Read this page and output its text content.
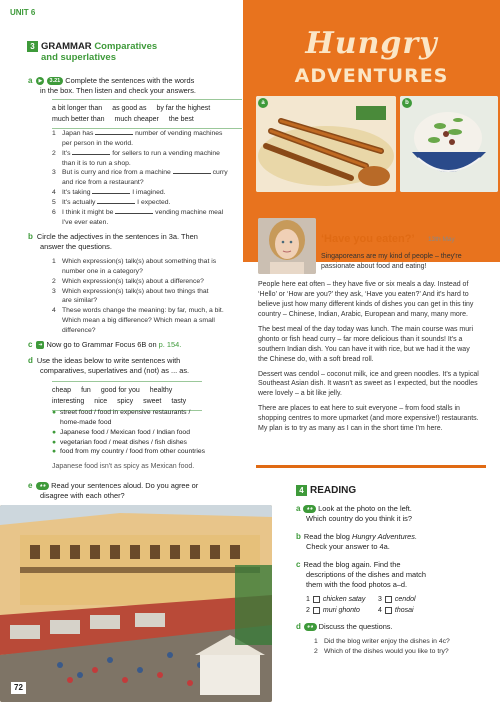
UNIT 6
3 GRAMMAR Comparatives
and superlatives
a ▶ 3.21 Complete the sentences with the words
in the box. Then listen and check your answers.
a bit longer than as good as by far the highest
much better than much cheaper the best
1 Japan has	number of vending machines
per person in the world.
2 It's	for sellers to run a vending machine
than it is to run a shop.
3 But is curry and rice from a machine	curry
and rice from a restaurant?
4 It's taking	I imagined.
5 It's actually	I expected.
6 I think it might be	vending machine meal
I've ever eaten.
b Circle the adjectives in the sentences in 3a. Then
answer the questions.
1 Which expression(s) talk(s) about something that is
number one in a category?
2 Which expression(s) talk(s) about a difference?
3 Which expression(s) talk(s) about two things that
are similar?
4 These words change the meaning: by far, much, a bit.
Which mean a big difference? Which mean a small
difference?
c ➜ Now go to Grammar Focus 6B on p. 154.
d Use the ideas below to write sentences with
comparatives, superlatives and (not) as ... as.
cheap fun good for you healthy
interesting nice spicy sweet tasty
● street food / food in expensive restaurants /
home-made food
● Japanese food / Mexican food / Indian food
● vegetarian food / meat dishes / fish dishes
● food from my country / food from other countries
Japanese food isn't as spicy as Mexican food.
e ◕◕ Read your sentences aloud. Do you agree or
disagree with each other?
72
Hungry
ADVENTURES
a	b
‘Have you eaten?’ 13th May
Singaporeans are my kind of people – they're passionate about food and eating!

People here eat often – they have five or six meals a day. Instead of ‘Hello’ or ‘How are you?’ they ask, ‘Have you eaten?’ And it's hard to believe just how many different kinds of dishes you can get in this tiny country – Chinese, Indian, Arabic, European and many, many more.

The best meal of the day today was lunch. The main course was muri ghonto or fish head curry – far more delicious than it sounds! It's a southern Indian dish. You can have it with rice, but we had it the way the Chinese do, with a soft bread roll.

Dessert was cendol – coconut milk, ice and green noodles. It's a typical Southeast Asian dish. It wasn't as sweet as I expected, but the noodles were lovely – a bit like jelly.

There are places to eat here to suit everyone – from food stalls in shopping centres to more upmarket (and more expensive!) restaurants. My plan is to try as many as I can in the short time I'm here.

4 READING
a ◕◕ Look at the photo on the left.
Which country do you think it is?
b Read the blog Hungry Adventures.
Check your answer to 4a.
c Read the blog again. Find the
descriptions of the dishes and match
them with the food photos a–d.
1 chicken satay 3 cendol
2 muri ghonto	4 thosai
d ◕◕ Discuss the questions.
1 Did the blog writer enjoy the dishes in 4c?
2 Which of the dishes would you like to try?
